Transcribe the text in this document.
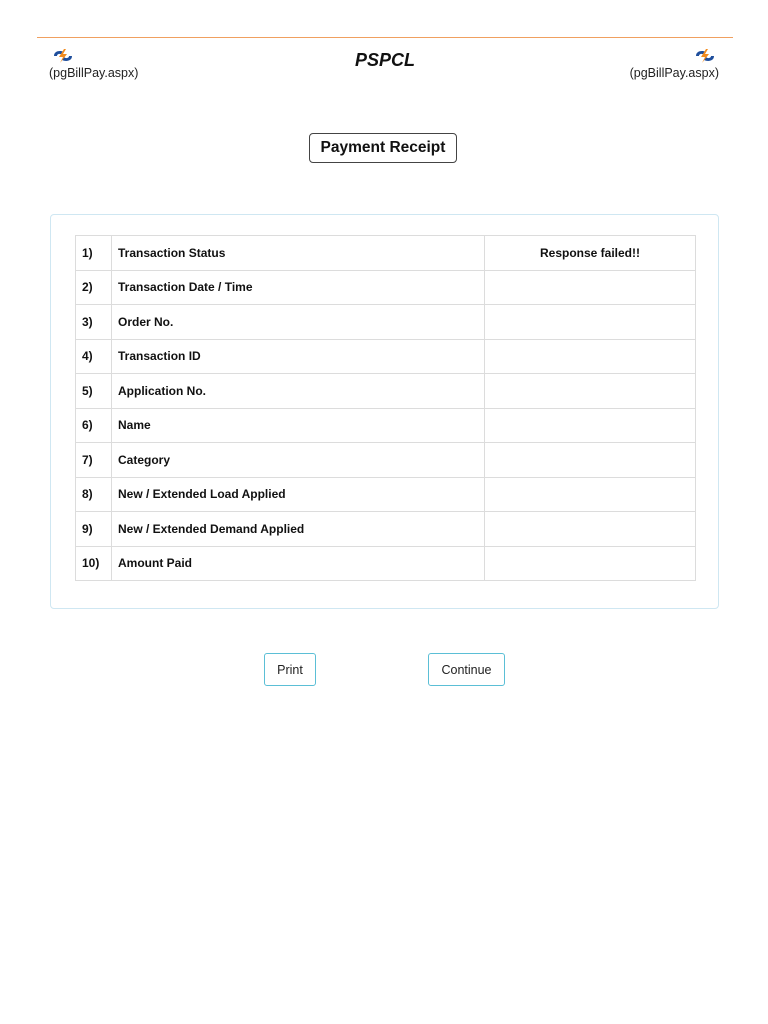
(pgBillPay.aspx)
PSPCL
(pgBillPay.aspx)
Payment Receipt
1)	Transaction Status	Response failed!!
2)	Transaction Date / Time	
3)	Order No.	
4)	Transaction ID	
5)	Application No.	
6)	Name	
7)	Category	
8)	New / Extended Load Applied	
9)	New / Extended Demand Applied	
10)	Amount Paid	
Print	Continue
